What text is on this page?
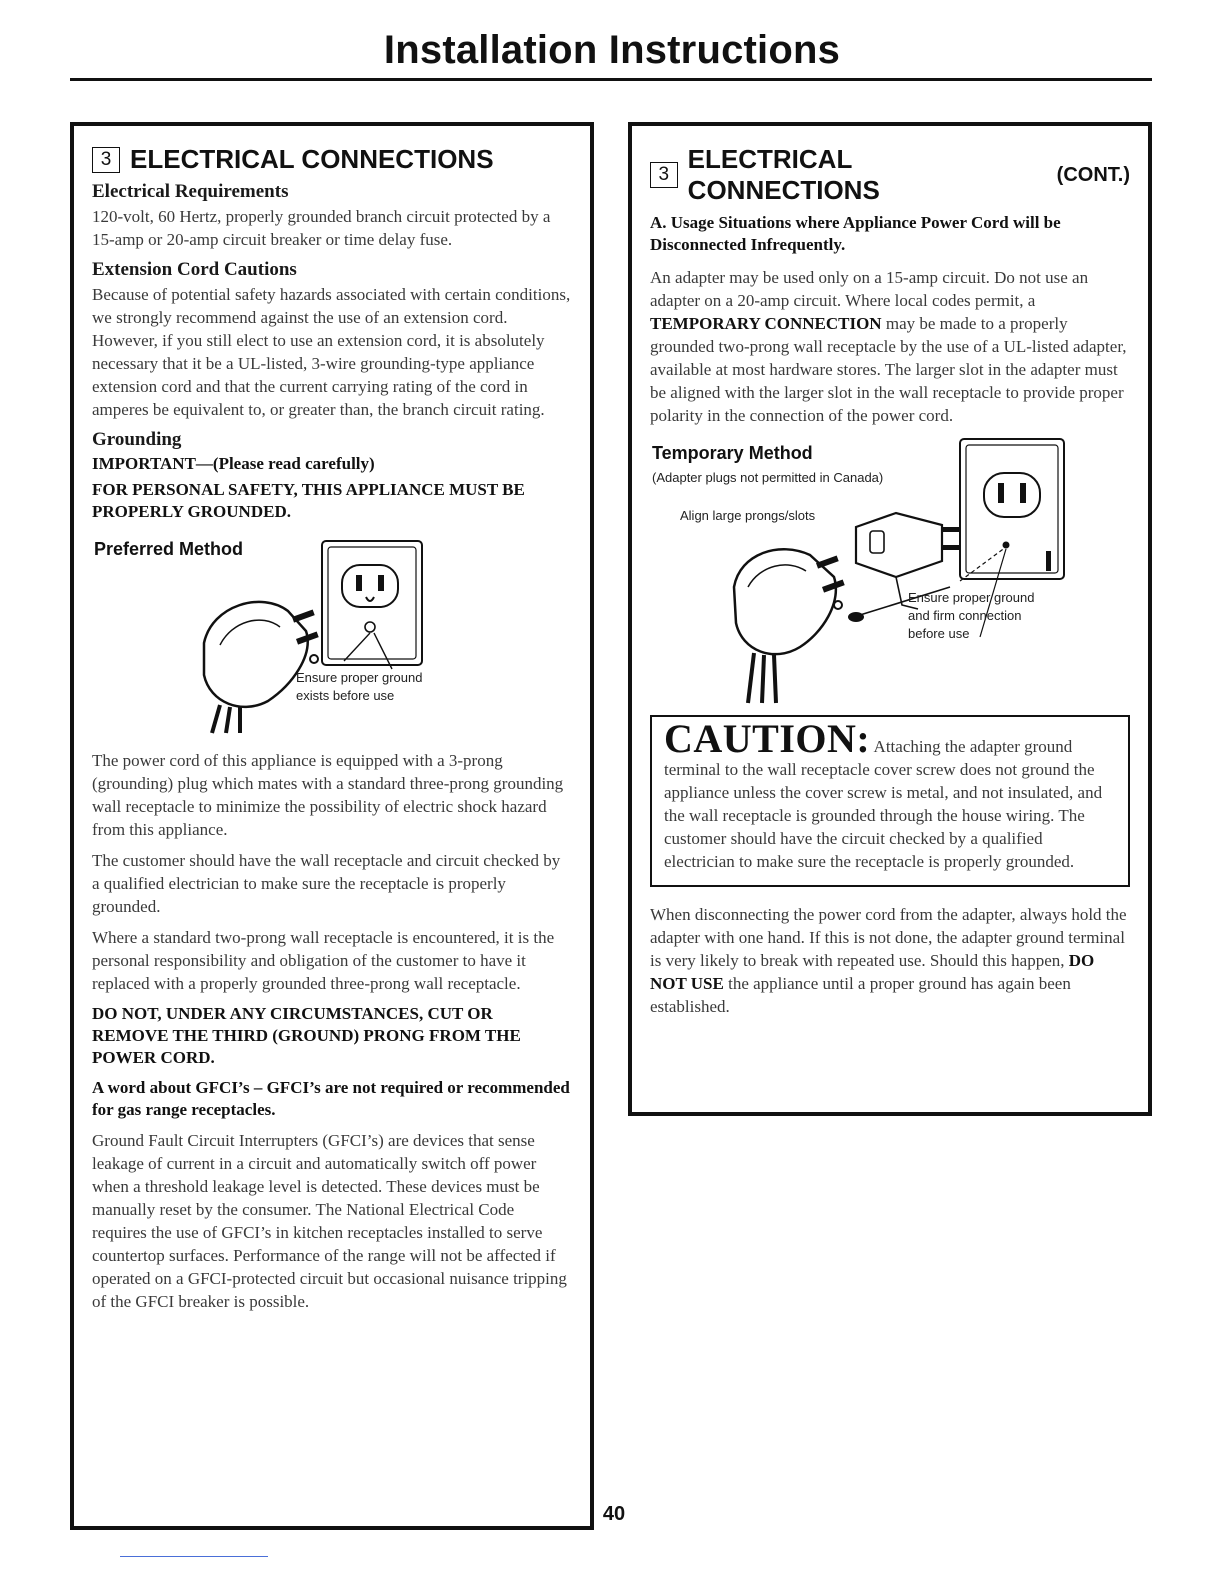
Installation Instructions
3 ELECTRICAL CONNECTIONS
Electrical Requirements

120-volt, 60 Hertz, properly grounded branch circuit protected by a 15-amp or 20-amp circuit breaker or time delay fuse.

Extension Cord Cautions

Because of potential safety hazards associated with certain conditions, we strongly recommend against the use of an extension cord. However, if you still elect to use an extension cord, it is absolutely necessary that it be a UL-listed, 3-wire grounding-type appliance extension cord and that the current carrying rating of the cord in amperes be equivalent to, or greater than, the branch circuit rating.

Grounding

IMPORTANT—(Please read carefully)

FOR PERSONAL SAFETY, THIS APPLIANCE MUST BE PROPERLY GROUNDED.

Preferred Method
Ensure proper ground exists before use

The power cord of this appliance is equipped with a 3-prong (grounding) plug which mates with a standard three-prong grounding wall receptacle to minimize the possibility of electric shock hazard from this appliance.

The customer should have the wall receptacle and circuit checked by a qualified electrician to make sure the receptacle is properly grounded.

Where a standard two-prong wall receptacle is encountered, it is the personal responsibility and obligation of the customer to have it replaced with a properly grounded three-prong wall receptacle.

DO NOT, UNDER ANY CIRCUMSTANCES, CUT OR REMOVE THE THIRD (GROUND) PRONG FROM THE POWER CORD.

A word about GFCI’s – GFCI’s are not required or recommended for gas range receptacles.

Ground Fault Circuit Interrupters (GFCI’s) are devices that sense leakage of current in a circuit and automatically switch off power when a threshold leakage level is detected. These devices must be manually reset by the consumer. The National Electrical Code requires the use of GFCI’s in kitchen receptacles installed to serve countertop surfaces. Performance of the range will not be affected if operated on a GFCI-protected circuit but occasional nuisance tripping of the GFCI breaker is possible.

3
ELECTRICAL CONNECTIONS
(CONT.)

A. Usage Situations where Appliance Power Cord will be Disconnected Infrequently.

An adapter may be used only on a 15-amp circuit. Do not use an adapter on a 20-amp circuit. Where local codes permit, a TEMPORARY CONNECTION may be made to a properly grounded two-prong wall receptacle by the use of a UL-listed adapter, available at most hardware stores. The larger slot in the adapter must be aligned with the larger slot in the wall receptacle to provide proper polarity in the connection of the power cord.

Temporary Method
(Adapter plugs not permitted in Canada)
Align large prongs/slots
Ensure proper ground
and firm connection
before use
CAUTION: Attaching the adapter ground terminal to the wall receptacle cover screw does not ground the appliance unless the cover screw is metal, and not insulated, and the wall receptacle is grounded through the house wiring. The customer should have the circuit checked by a qualified electrician to make sure the receptacle is properly grounded.

When disconnecting the power cord from the adapter, always hold the adapter with one hand. If this is not done, the adapter ground terminal is very likely to break with repeated use. Should this happen, DO NOT USE the appliance until a proper ground has again been established.

40
